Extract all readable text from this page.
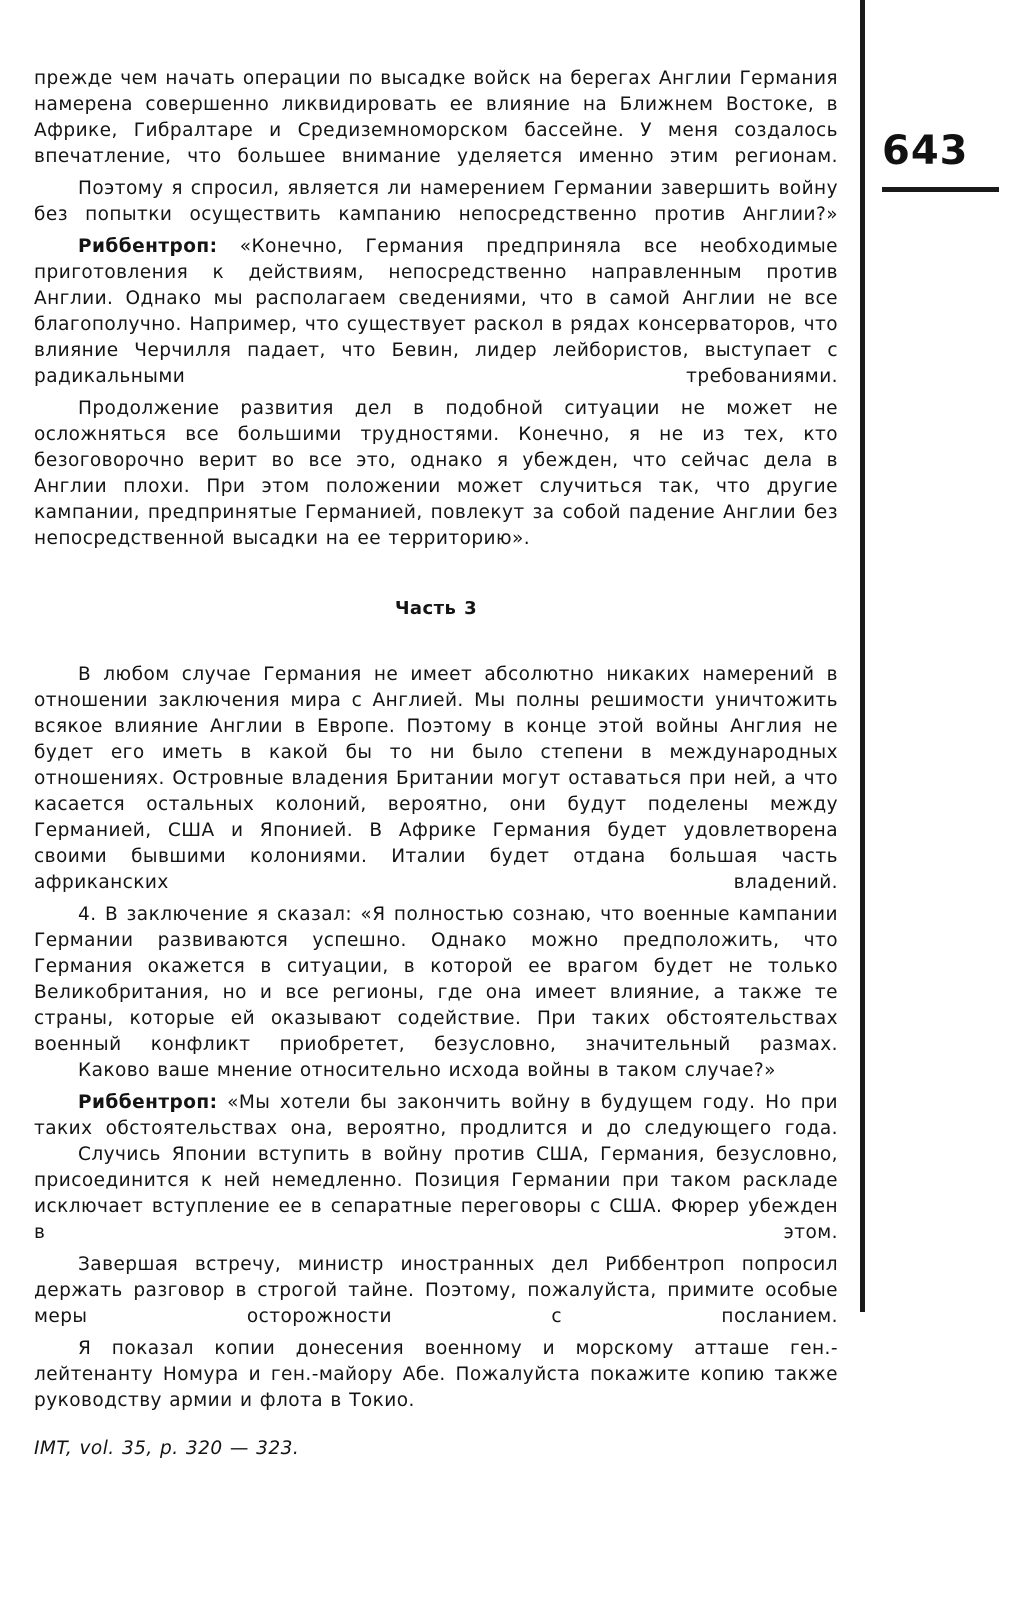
643

прежде чем начать операции по высадке войск на берегах Англии Германия намерена совершенно ликвидировать ее влияние на Ближнем Востоке, в Африке, Гибралтаре и Средиземноморском бассейне. У меня создалось впечатление, что большее внимание уделяется именно этим регионам.

Поэтому я спросил, является ли намерением Германии завершить войну без попытки осуществить кампанию непосредственно против Англии?»

Риббентроп: «Конечно, Германия предприняла все необходимые приготовления к действиям, непосредственно направленным против Англии. Однако мы располагаем сведениями, что в самой Англии не все благополучно. Например, что существует раскол в рядах консерваторов, что влияние Черчилля падает, что Бевин, лидер лейбористов, выступает с радикальными требованиями.

Продолжение развития дел в подобной ситуации не может не осложняться все большими трудностями. Конечно, я не из тех, кто безоговорочно верит во все это, однако я убежден, что сейчас дела в Англии плохи. При этом положении может случиться так, что другие кампании, предпринятые Германией, повлекут за собой падение Англии без непосредственной высадки на ее территорию».

Часть 3

В любом случае Германия не имеет абсолютно никаких намерений в отношении заключения мира с Англией. Мы полны решимости уничтожить всякое влияние Англии в Европе. Поэтому в конце этой войны Англия не будет его иметь в какой бы то ни было степени в международных отношениях. Островные владения Британии могут оставаться при ней, а что касается остальных колоний, вероятно, они будут поделены между Германией, США и Японией. В Африке Германия будет удовлетворена своими бывшими колониями. Италии будет отдана большая часть африканских владений.

4. В заключение я сказал: «Я полностью сознаю, что военные кампании Германии развиваются успешно. Однако можно предположить, что Германия окажется в ситуации, в которой ее врагом будет не только Великобритания, но и все регионы, где она имеет влияние, а также те страны, которые ей оказывают содействие. При таких обстоятельствах военный конфликт приобретет, безусловно, значительный размах.

Каково ваше мнение относительно исхода войны в таком случае?»

Риббентроп: «Мы хотели бы закончить войну в будущем году. Но при таких обстоятельствах она, вероятно, продлится и до следующего года.

Случись Японии вступить в войну против США, Германия, безусловно, присоединится к ней немедленно. Позиция Германии при таком раскладе исключает вступление ее в сепаратные переговоры с США. Фюрер убежден в этом.

Завершая встречу, министр иностранных дел Риббентроп попросил держать разговор в строгой тайне. Поэтому, пожалуйста, примите особые меры осторожности с посланием.

Я показал копии донесения военному и морскому атташе ген.-лейтенанту Номура и ген.-майору Абе. Пожалуйста покажите копию также руководству армии и флота в Токио.

IMT, vol. 35, p. 320 — 323.
